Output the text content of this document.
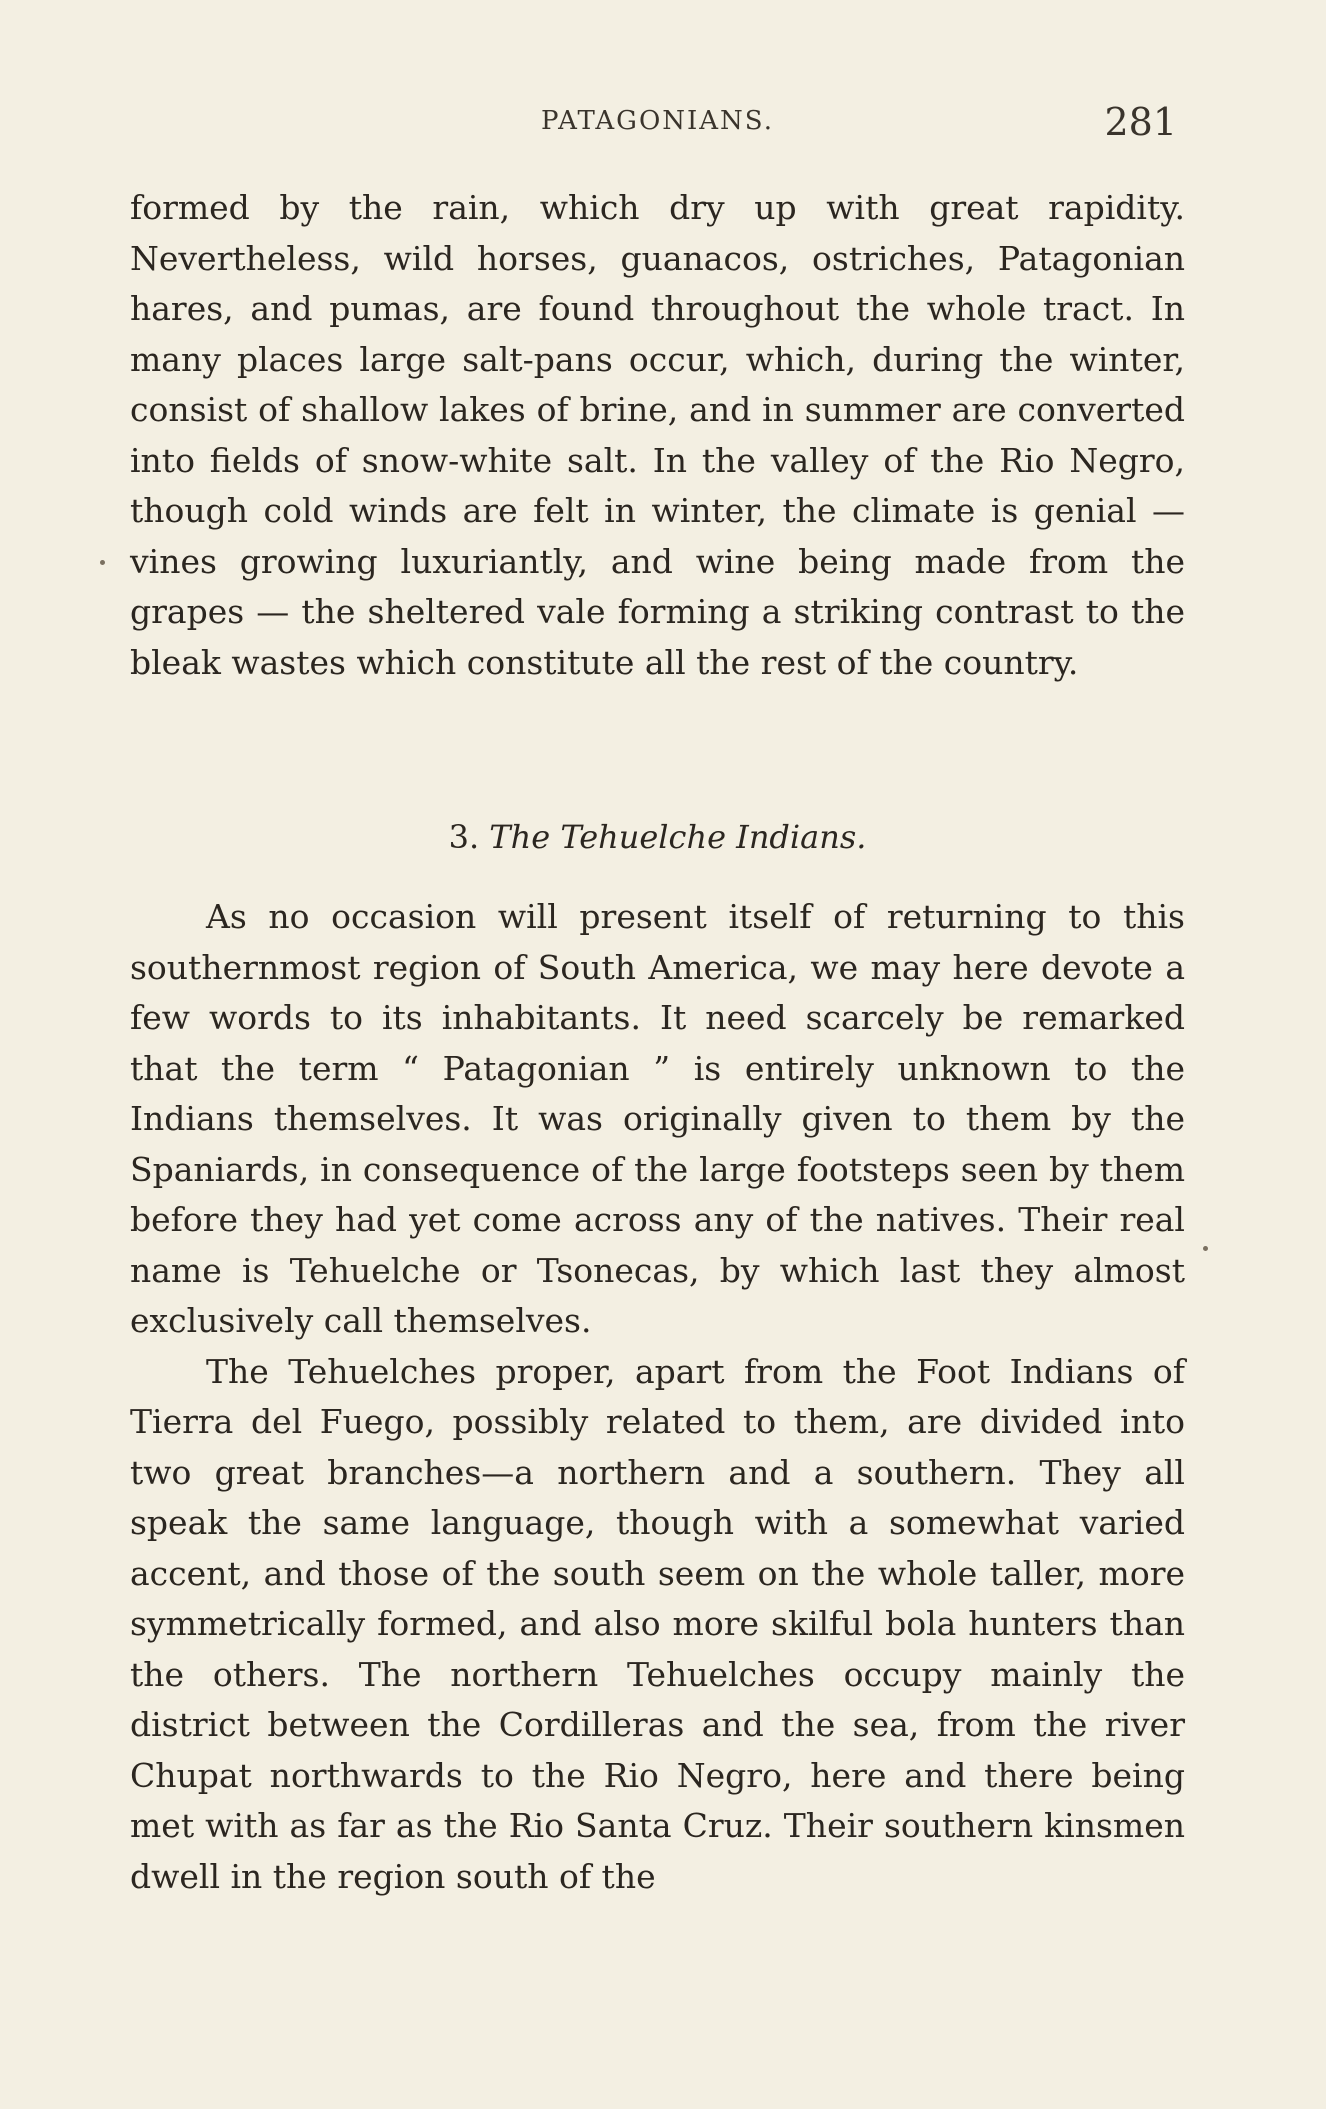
PATAGONIANS.	281

formed by the rain, which dry up with great rapidity. Nevertheless, wild horses, guanacos, ostriches, Patagonian hares, and pumas, are found throughout the whole tract. In many places large salt-pans occur, which, during the winter, consist of shallow lakes of brine, and in summer are converted into fields of snow-white salt. In the valley of the Rio Negro, though cold winds are felt in winter, the climate is genial — vines growing luxuriantly, and wine being made from the grapes — the sheltered vale forming a striking contrast to the bleak wastes which constitute all the rest of the country.

3. The Tehuelche Indians.

As no occasion will present itself of returning to this southernmost region of South America, we may here devote a few words to its inhabitants. It need scarcely be remarked that the term “ Patagonian ” is entirely unknown to the Indians themselves. It was originally given to them by the Spaniards, in consequence of the large footsteps seen by them before they had yet come across any of the natives. Their real name is Tehuelche or Tsonecas, by which last they almost exclusively call themselves.

The Tehuelches proper, apart from the Foot Indians of Tierra del Fuego, possibly related to them, are divided into two great branches—a northern and a southern. They all speak the same language, though with a somewhat varied accent, and those of the south seem on the whole taller, more symmetrically formed, and also more skilful bola hunters than the others. The northern Tehuelches occupy mainly the district between the Cordilleras and the sea, from the river Chupat northwards to the Rio Negro, here and there being met with as far as the Rio Santa Cruz. Their southern kinsmen dwell in the region south of the
